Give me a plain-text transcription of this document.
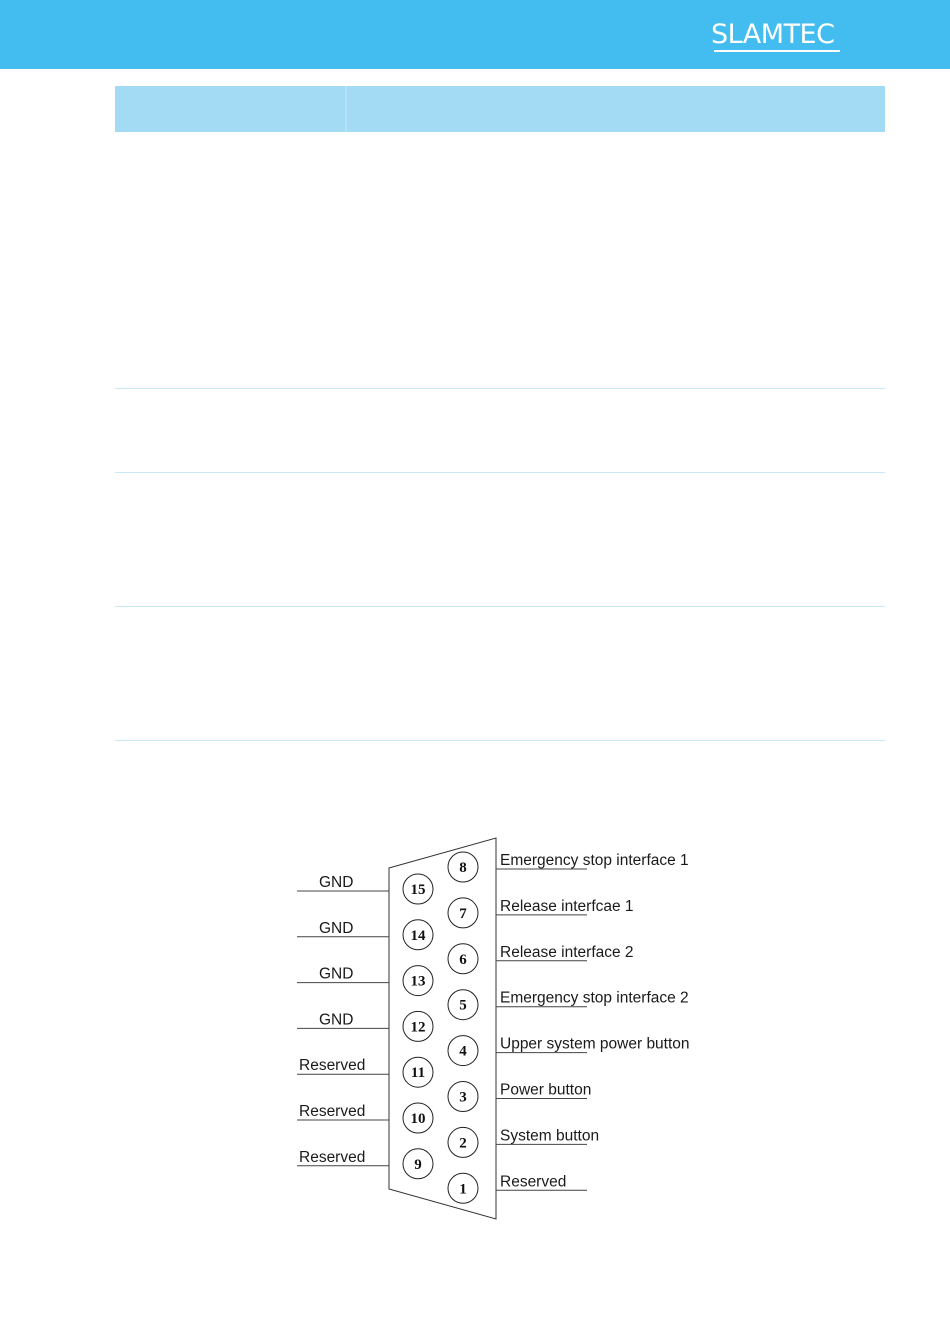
SLAMTEC
GND	15
GND	14
GND	13
GND	12
Reserved	11
Reserved	10
Reserved	9
8 Emergency stop interface 1
7 Release interfcae 1
6 Release interface 2
5 Emergency stop interface 2
4 Upper system power button
3 Power button
2 System button
1 Reserved
